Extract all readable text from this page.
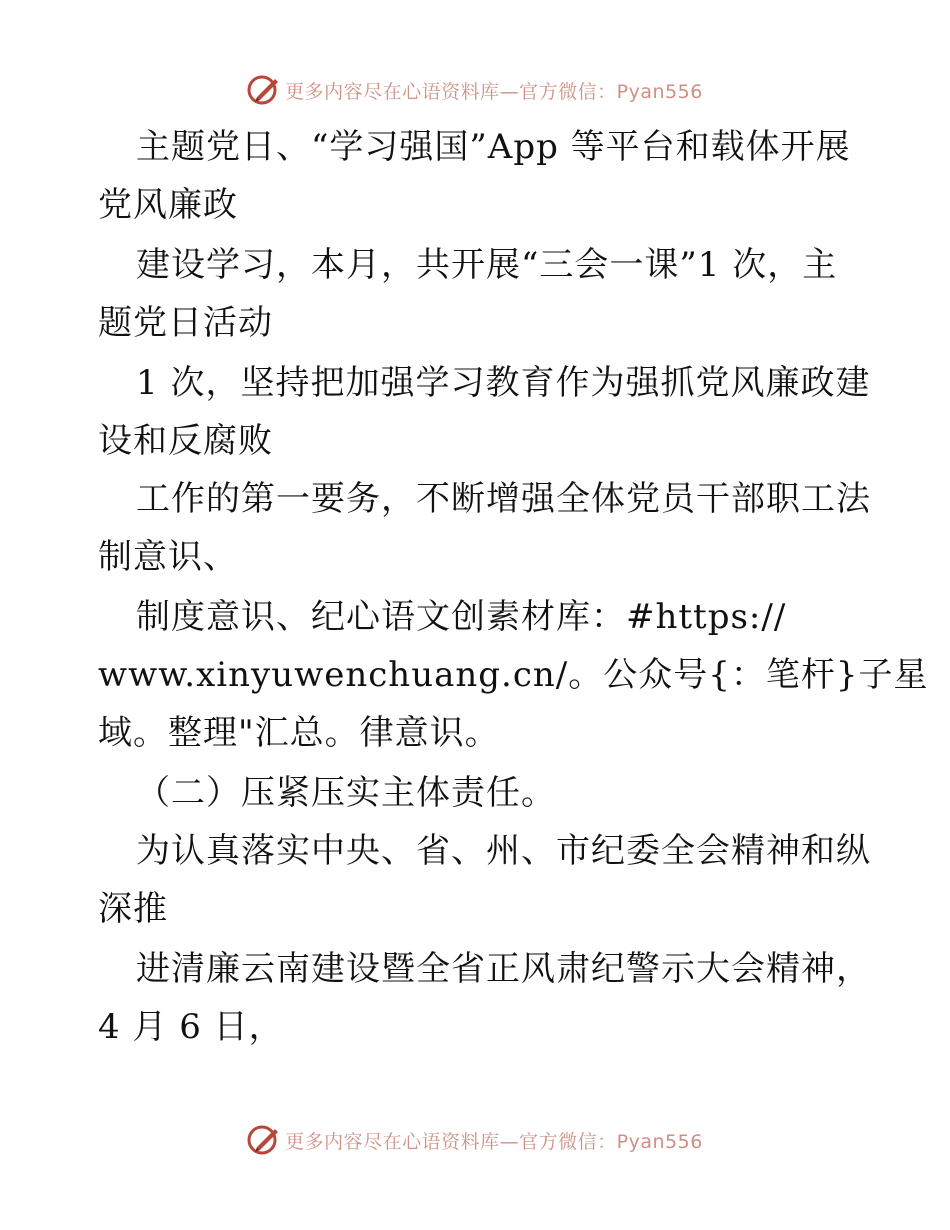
更多内容尽在心语资料库—官方微信：Pyan556
主题党日、“学习强国”App 等平台和载体开展
党风廉政
建设学习，本月，共开展“三会一课”1 次，主
题党日活动
1 次，坚持把加强学习教育作为强抓党风廉政建
设和反腐败
工作的第一要务，不断增强全体党员干部职工法
制意识、
制度意识、纪心语文创素材库：#https://
www.xinyuwenchuang.cn/。公众号{：笔杆}子星
域。整理"汇总。律意识。
（二）压紧压实主体责任。
为认真落实中央、省、州、市纪委全会精神和纵
深推
进清廉云南建设暨全省正风肃纪警示大会精神，
4 月 6 日，
更多内容尽在心语资料库—官方微信：Pyan556
